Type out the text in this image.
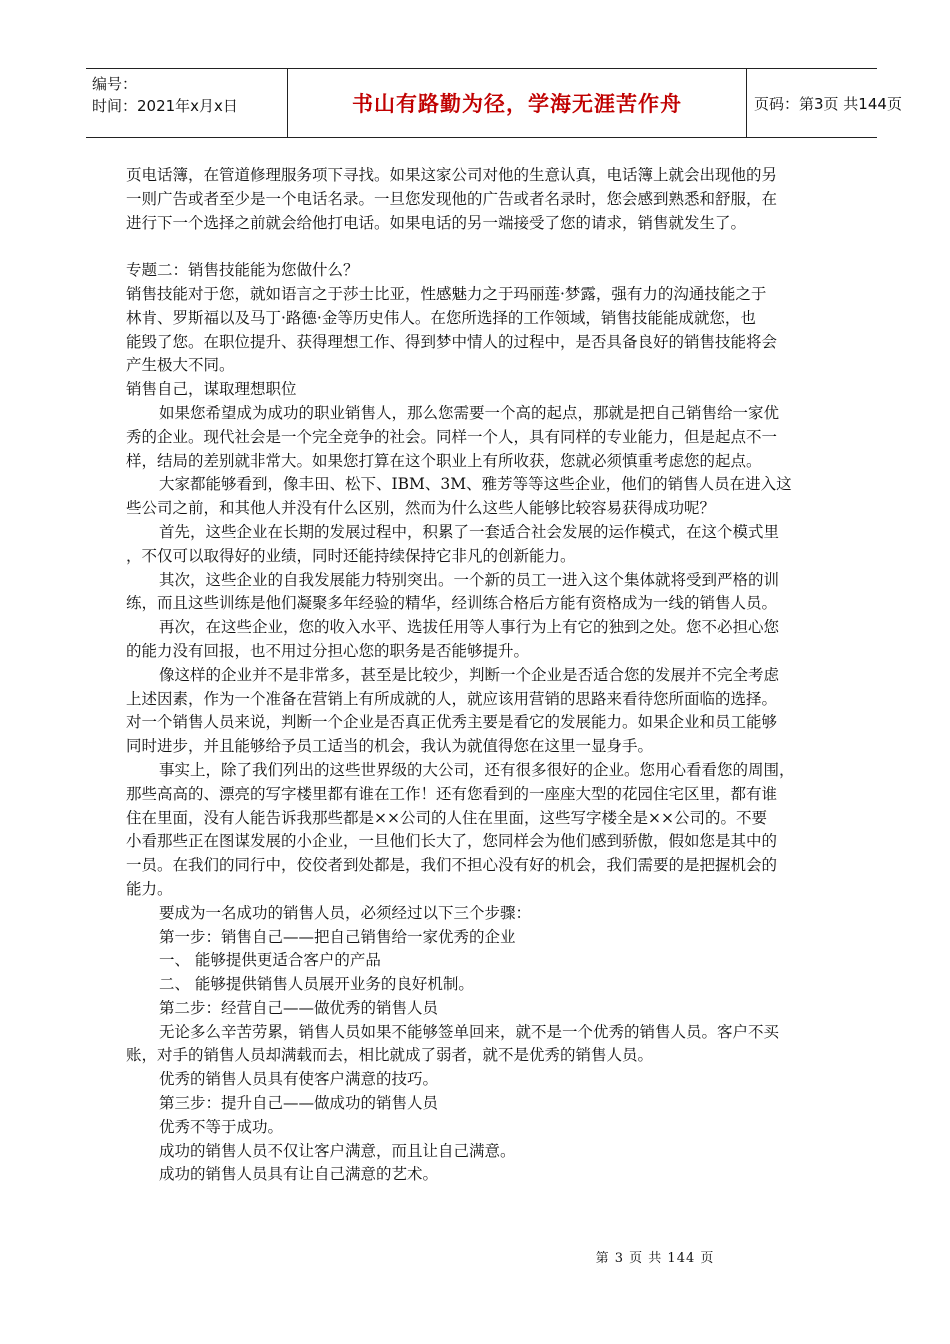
编号：
时间：2021年x月x日	书山有路勤为径，学海无涯苦作舟	页码：第3页 共144页
页电话簿，在管道修理服务项下寻找。如果这家公司对他的生意认真，电话簿上就会出现他的另
一则广告或者至少是一个电话名录。一旦您发现他的广告或者名录时，您会感到熟悉和舒服，在
进行下一个选择之前就会给他打电话。如果电话的另一端接受了您的请求，销售就发生了。
专题二：销售技能能为您做什么？
销售技能对于您，就如语言之于莎士比亚，性感魅力之于玛丽莲·梦露，强有力的沟通技能之于
林肯、罗斯福以及马丁·路德·金等历史伟人。在您所选择的工作领域，销售技能能成就您，也
能毁了您。在职位提升、获得理想工作、得到梦中情人的过程中，是否具备良好的销售技能将会
产生极大不同。
销售自己，谋取理想职位
如果您希望成为成功的职业销售人，那么您需要一个高的起点，那就是把自己销售给一家优
秀的企业。现代社会是一个完全竞争的社会。同样一个人，具有同样的专业能力，但是起点不一
样，结局的差别就非常大。如果您打算在这个职业上有所收获，您就必须慎重考虑您的起点。
大家都能够看到，像丰田、松下、IBM、3M、雅芳等等这些企业，他们的销售人员在进入这
些公司之前，和其他人并没有什么区别，然而为什么这些人能够比较容易获得成功呢？
首先，这些企业在长期的发展过程中，积累了一套适合社会发展的运作模式，在这个模式里
，不仅可以取得好的业绩，同时还能持续保持它非凡的创新能力。
其次，这些企业的自我发展能力特别突出。一个新的员工一进入这个集体就将受到严格的训
练，而且这些训练是他们凝聚多年经验的精华，经训练合格后方能有资格成为一线的销售人员。
再次，在这些企业，您的收入水平、选拔任用等人事行为上有它的独到之处。您不必担心您
的能力没有回报，也不用过分担心您的职务是否能够提升。
像这样的企业并不是非常多，甚至是比较少，判断一个企业是否适合您的发展并不完全考虑
上述因素，作为一个准备在营销上有所成就的人，就应该用营销的思路来看待您所面临的选择。
对一个销售人员来说，判断一个企业是否真正优秀主要是看它的发展能力。如果企业和员工能够
同时进步，并且能够给予员工适当的机会，我认为就值得您在这里一显身手。
事实上，除了我们列出的这些世界级的大公司，还有很多很好的企业。您用心看看您的周围，
那些高高的、漂亮的写字楼里都有谁在工作！还有您看到的一座座大型的花园住宅区里，都有谁
住在里面，没有人能告诉我那些都是××公司的人住在里面，这些写字楼全是××公司的。不要
小看那些正在图谋发展的小企业，一旦他们长大了，您同样会为他们感到骄傲，假如您是其中的
一员。在我们的同行中，佼佼者到处都是，我们不担心没有好的机会，我们需要的是把握机会的
能力。
要成为一名成功的销售人员，必须经过以下三个步骤：
第一步：销售自己——把自己销售给一家优秀的企业
一、 能够提供更适合客户的产品
二、 能够提供销售人员展开业务的良好机制。
第二步：经营自己——做优秀的销售人员
无论多么辛苦劳累，销售人员如果不能够签单回来，就不是一个优秀的销售人员。客户不买
账，对手的销售人员却满载而去，相比就成了弱者，就不是优秀的销售人员。
优秀的销售人员具有使客户满意的技巧。
第三步：提升自己——做成功的销售人员
优秀不等于成功。
成功的销售人员不仅让客户满意，而且让自己满意。
成功的销售人员具有让自己满意的艺术。
第 3 页 共 144 页
